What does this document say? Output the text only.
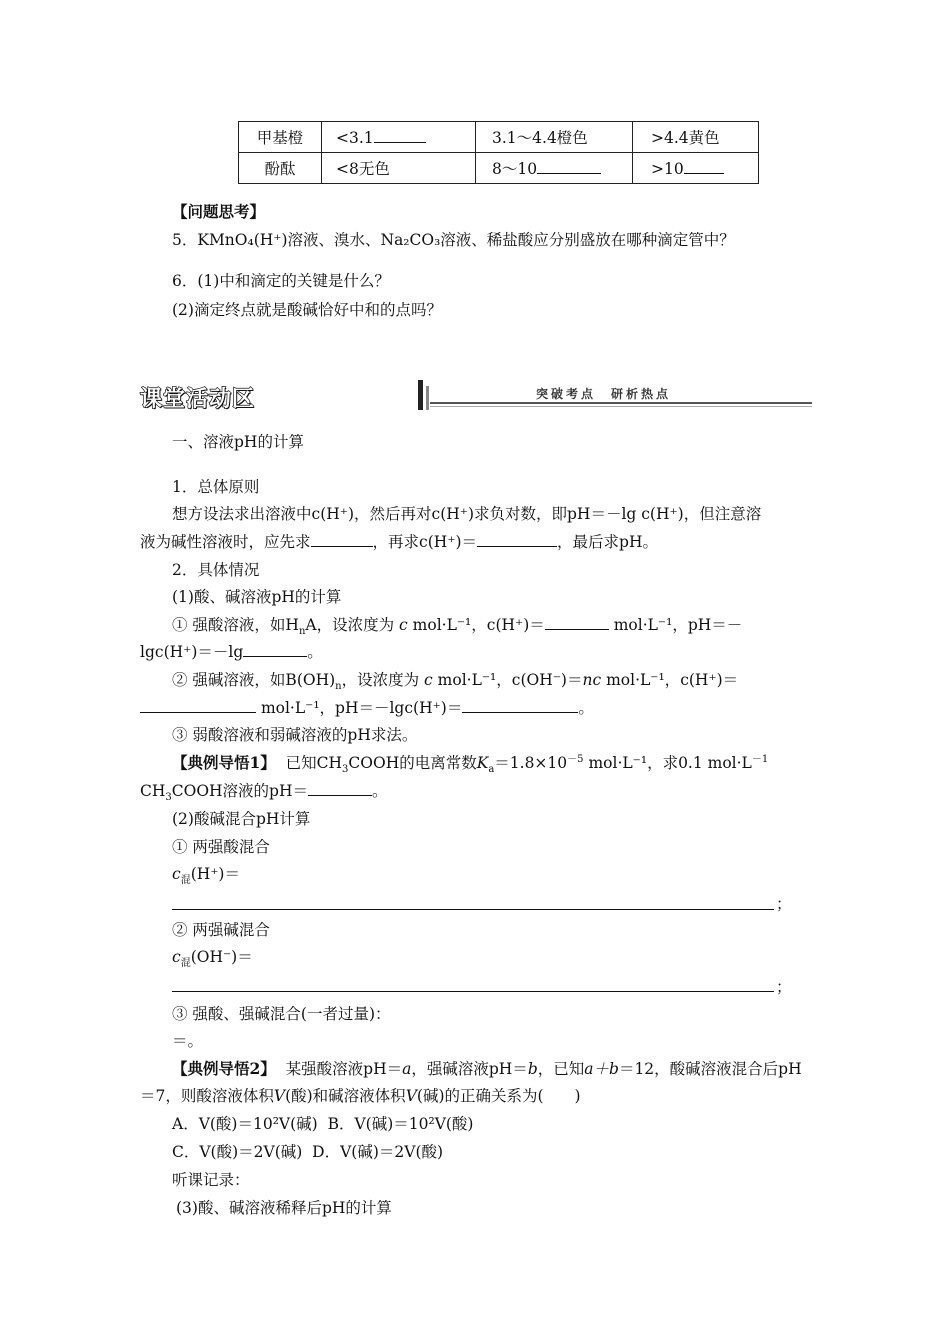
甲基橙	<3.1	3.1～4.4橙色	>4.4黄色
酚酞	<8无色	8～10	>10
【问题思考】
5．KMnO₄(H⁺)溶液、溴水、Na₂CO₃溶液、稀盐酸应分别盛放在哪种滴定管中？
6．(1)中和滴定的关键是什么？
(2)滴定终点就是酸碱恰好中和的点吗？
课堂活动区	突破考点　研析热点
一、溶液pH的计算
1．总体原则
想方设法求出溶液中c(H⁺)，然后再对c(H⁺)求负对数，即pH＝－lg c(H⁺)，但注意溶
液为碱性溶液时，应先求	，再求c(H⁺)＝	，最后求pH。
2．具体情况
(1)酸、碱溶液pH的计算
① 强酸溶液，如$H_nA$，设浓度为 c mol·L⁻¹，c(H⁺)＝	mol·L⁻¹，pH＝－
lgc(H⁺)＝－lg	。
② 强碱溶液，如$B(OH)_n$，设浓度为 c mol·L⁻¹，c(OH⁻)＝nc mol·L⁻¹，c(H⁺)＝
mol·L⁻¹，pH＝－lgc(H⁺)＝	。
③ 弱酸溶液和弱碱溶液的pH求法。
【典例导悟1】 已知$CH_3COOH$的电离常数$K_a=1.8\times 10^{-5}$ mol·L⁻¹，求0.1 $mol\cdot L^{-1}$
$CH_3COOH$溶液的pH＝	。
(2)酸碱混合pH计算
① 两强酸混合
$c_混(H^+)=$
；
② 两强碱混合
$c_混(OH^-)=$
；
③ 强酸、强碱混合(一者过量)：
＝。
【典例导悟2】 某强酸溶液pH＝a，强碱溶液pH＝b，已知a＋b＝12，酸碱溶液混合后pH
＝7，则酸溶液体积V(酸)和碱溶液体积V(碱)的正确关系为(　　)
A．V(酸)＝10²V(碱) B．V(碱)＝10²V(酸)
C．V(酸)＝2V(碱) D．V(碱)＝2V(酸)
听课记录：
(3)酸、碱溶液稀释后pH的计算
